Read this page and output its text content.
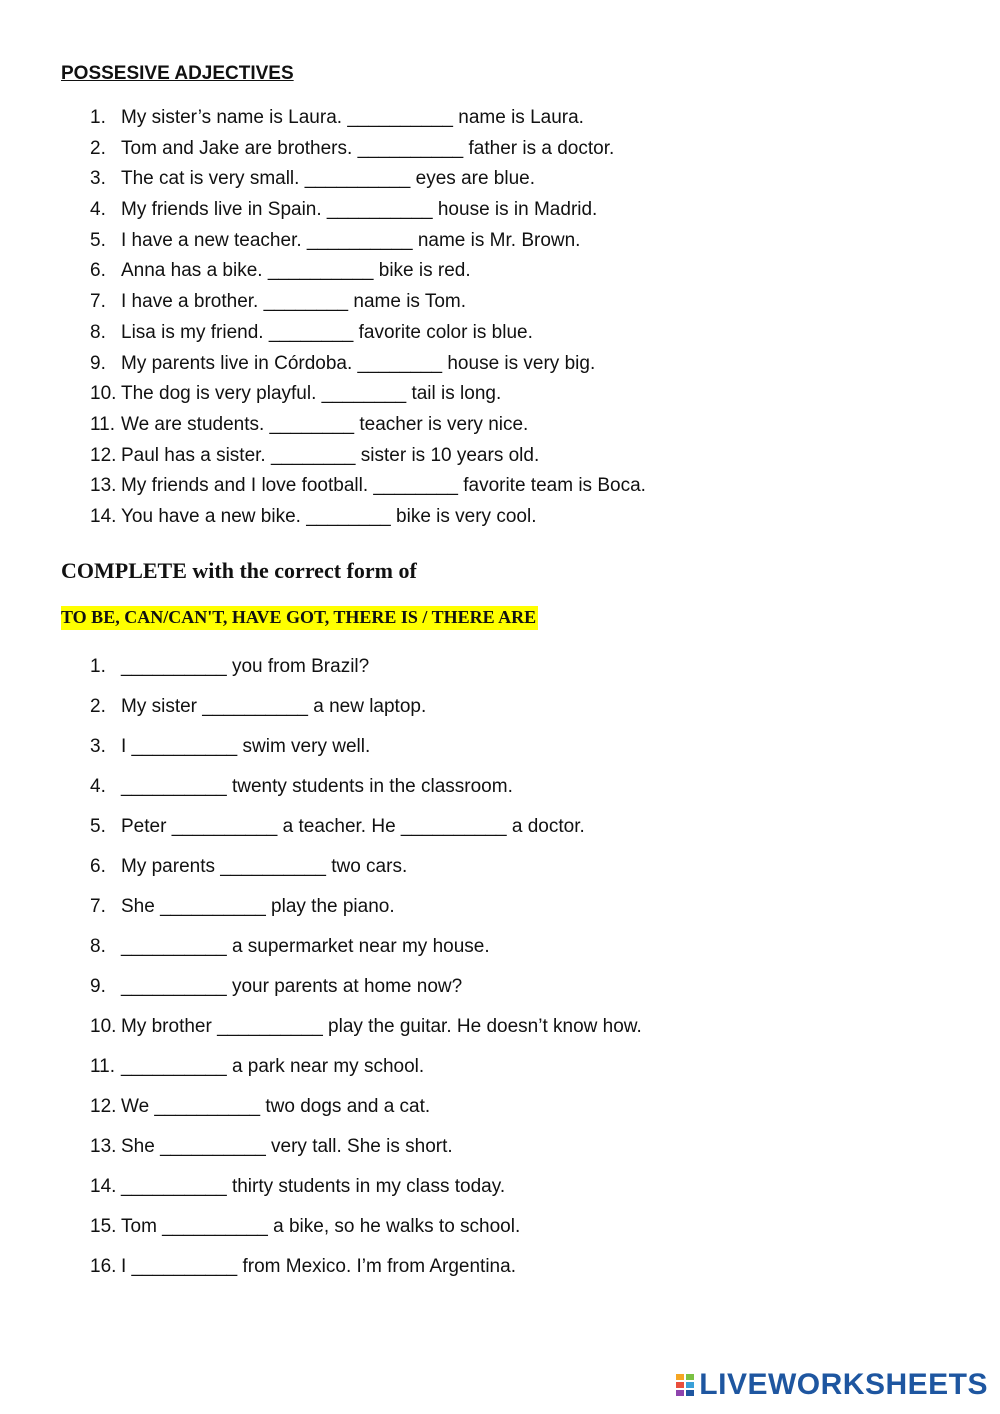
POSSESIVE ADJECTIVES
1. My sister’s name is Laura. __________ name is Laura.
2. Tom and Jake are brothers. __________ father is a doctor.
3. The cat is very small. __________ eyes are blue.
4. My friends live in Spain. __________ house is in Madrid.
5. I have a new teacher. __________ name is Mr. Brown.
6. Anna has a bike. __________ bike is red.
7. I have a brother. ________ name is Tom.
8. Lisa is my friend. ________ favorite color is blue.
9. My parents live in Córdoba. ________ house is very big.
10. The dog is very playful. ________ tail is long.
11. We are students. ________ teacher is very nice.
12. Paul has a sister. ________ sister is 10 years old.
13. My friends and I love football. ________ favorite team is Boca.
14. You have a new bike. ________ bike is very cool.
COMPLETE with the correct form of
TO BE, CAN/CAN'T, HAVE GOT, THERE IS / THERE ARE
1. __________ you from Brazil?
2. My sister __________ a new laptop.
3. I __________ swim very well.
4. __________ twenty students in the classroom.
5. Peter __________ a teacher. He __________ a doctor.
6. My parents __________ two cars.
7. She __________ play the piano.
8. __________ a supermarket near my house.
9. __________ your parents at home now?
10. My brother __________ play the guitar. He doesn’t know how.
11. __________ a park near my school.
12. We __________ two dogs and a cat.
13. She __________ very tall. She is short.
14. __________ thirty students in my class today.
15. Tom __________ a bike, so he walks to school.
16. I __________ from Mexico. I’m from Argentina.
LIVEWORKSHEETS
